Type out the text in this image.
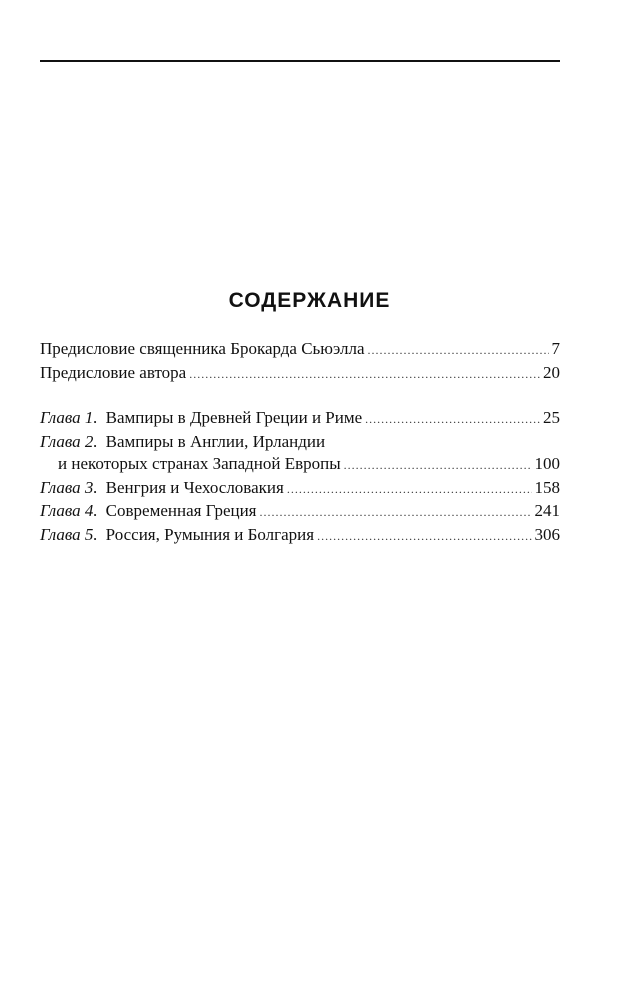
СОДЕРЖАНИЕ
Предисловие священника Брокарда Сьюэлла . . .	7
Предисловие автора . . .	20
Глава 1. Вампиры в Древней Греции и Риме . . .	25
Глава 2. Вампиры в Англии, Ирландии
и некоторых странах Западной Европы . . .	100
Глава 3. Венгрия и Чехословакия . . .	158
Глава 4. Современная Греция . . .	241
Глава 5. Россия, Румыния и Болгария . . .	306
